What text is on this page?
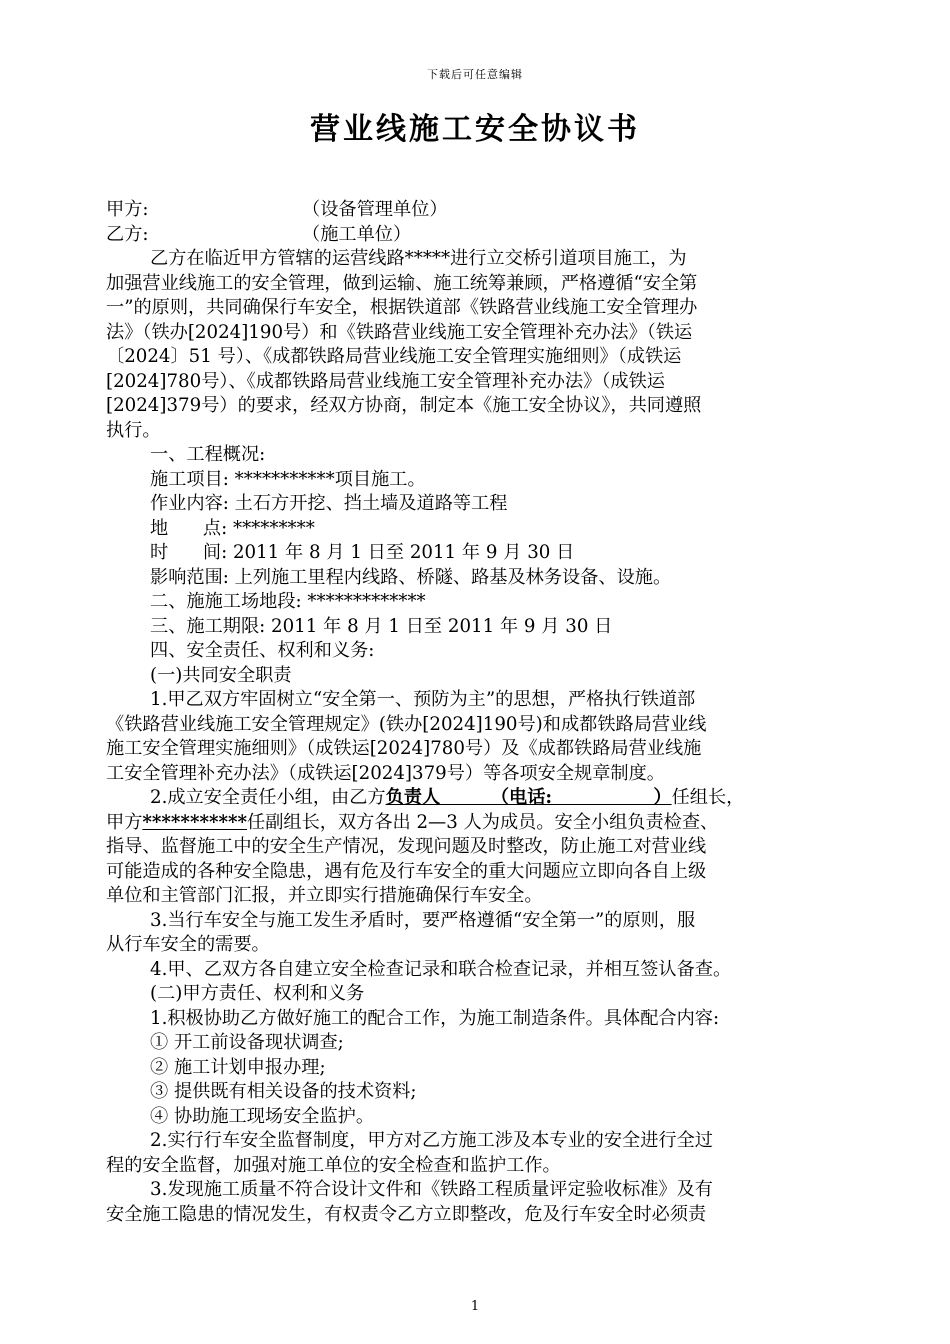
下载后可任意编辑
营业线施工安全协议书
甲方:	（设备管理单位）
乙方:	（施工单位）
乙方在临近甲方管辖的运营线路*****进行立交桥引道项目施工，为
加强营业线施工的安全管理，做到运输、施工统筹兼顾，严格遵循“安全第
一”的原则，共同确保行车安全，根据铁道部《铁路营业线施工安全管理办
法》（铁办[2024]190号）和《铁路营业线施工安全管理补充办法》（铁运
〔2024〕51 号）、《成都铁路局营业线施工安全管理实施细则》（成铁运
[2024]780号）、《成都铁路局营业线施工安全管理补充办法》（成铁运
[2024]379号）的要求，经双方协商，制定本《施工安全协议》，共同遵照
执行。
一、工程概况:
施工项目: ***********项目施工。
作业内容: 土石方开挖、挡土墙及道路等工程
地      点: *********
时      间: 2011 年 8 月 1 日至 2011 年 9 月 30 日
影响范围: 上列施工里程内线路、桥隧、路基及林务设备、设施。
二、施施工场地段: *************
三、施工期限: 2011 年 8 月 1 日至 2011 年 9 月 30 日
四、安全责任、权利和义务:
(一)共同安全职责
1.甲乙双方牢固树立“安全第一、预防为主”的思想，严格执行铁道部
《铁路营业线施工安全管理规定》(铁办[2024]190号)和成都铁路局营业线
施工安全管理实施细则》（成铁运[2024]780号）及《成都铁路局营业线施
工安全管理补充办法》（成铁运[2024]379号）等各项安全规章制度。
2.成立安全责任小组，由乙方负责人        （电话:                ）任组长，
甲方***********任副组长，双方各出 2—3 人为成员。安全小组负责检查、
指导、监督施工中的安全生产情况，发现问题及时整改，防止施工对营业线
可能造成的各种安全隐患，遇有危及行车安全的重大问题应立即向各自上级
单位和主管部门汇报，并立即实行措施确保行车安全。
3.当行车安全与施工发生矛盾时，要严格遵循“安全第一”的原则，服
从行车安全的需要。
4.甲、乙双方各自建立安全检查记录和联合检查记录，并相互签认备查。
(二)甲方责任、权利和义务
1.积极协助乙方做好施工的配合工作，为施工制造条件。具体配合内容:
① 开工前设备现状调查;
② 施工计划申报办理;
③ 提供既有相关设备的技术资料;
④ 协助施工现场安全监护。
2.实行行车安全监督制度，甲方对乙方施工涉及本专业的安全进行全过
程的安全监督，加强对施工单位的安全检查和监护工作。
3.发现施工质量不符合设计文件和《铁路工程质量评定验收标准》及有
安全施工隐患的情况发生，有权责令乙方立即整改，危及行车安全时必须责
1
